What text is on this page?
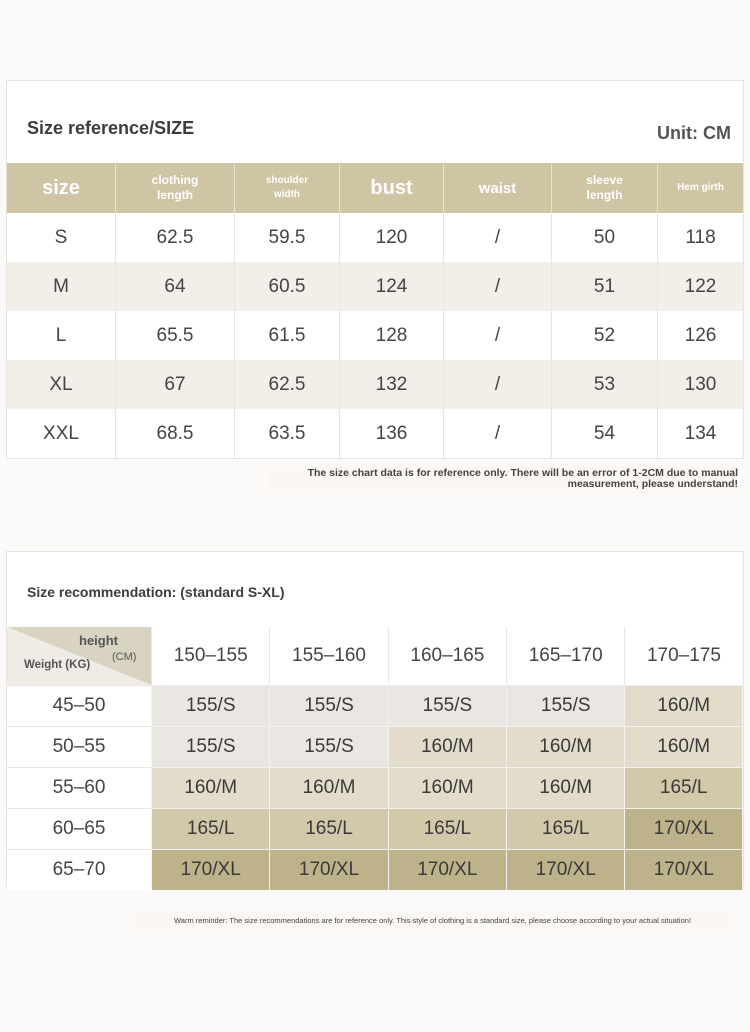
Size reference/SIZE	Unit: CM
size	clothing length	shoulder width	bust	waist	sleeve length	Hem girth
S	62.5	59.5	120	/	50	118
M	64	60.5	124	/	51	122
L	65.5	61.5	128	/	52	126
XL	67	62.5	132	/	53	130
XXL	68.5	63.5	136	/	54	134
The size chart data is for reference only. There will be an error of 1-2CM due to manual measurement, please understand!
Size recommendation: (standard S-XL)
height
(CM)
Weight (KG)	150–155	155–160	160–165	165–170	170–175
45–50	155/S	155/S	155/S	155/S	160/M
50–55	155/S	155/S	160/M	160/M	160/M
55–60	160/M	160/M	160/M	160/M	165/L
60–65	165/L	165/L	165/L	165/L	170/XL
65–70	170/XL	170/XL	170/XL	170/XL	170/XL
Warm reminder: The size recommendations are for reference only. This style of clothing is a standard size, please choose according to your actual situation!
